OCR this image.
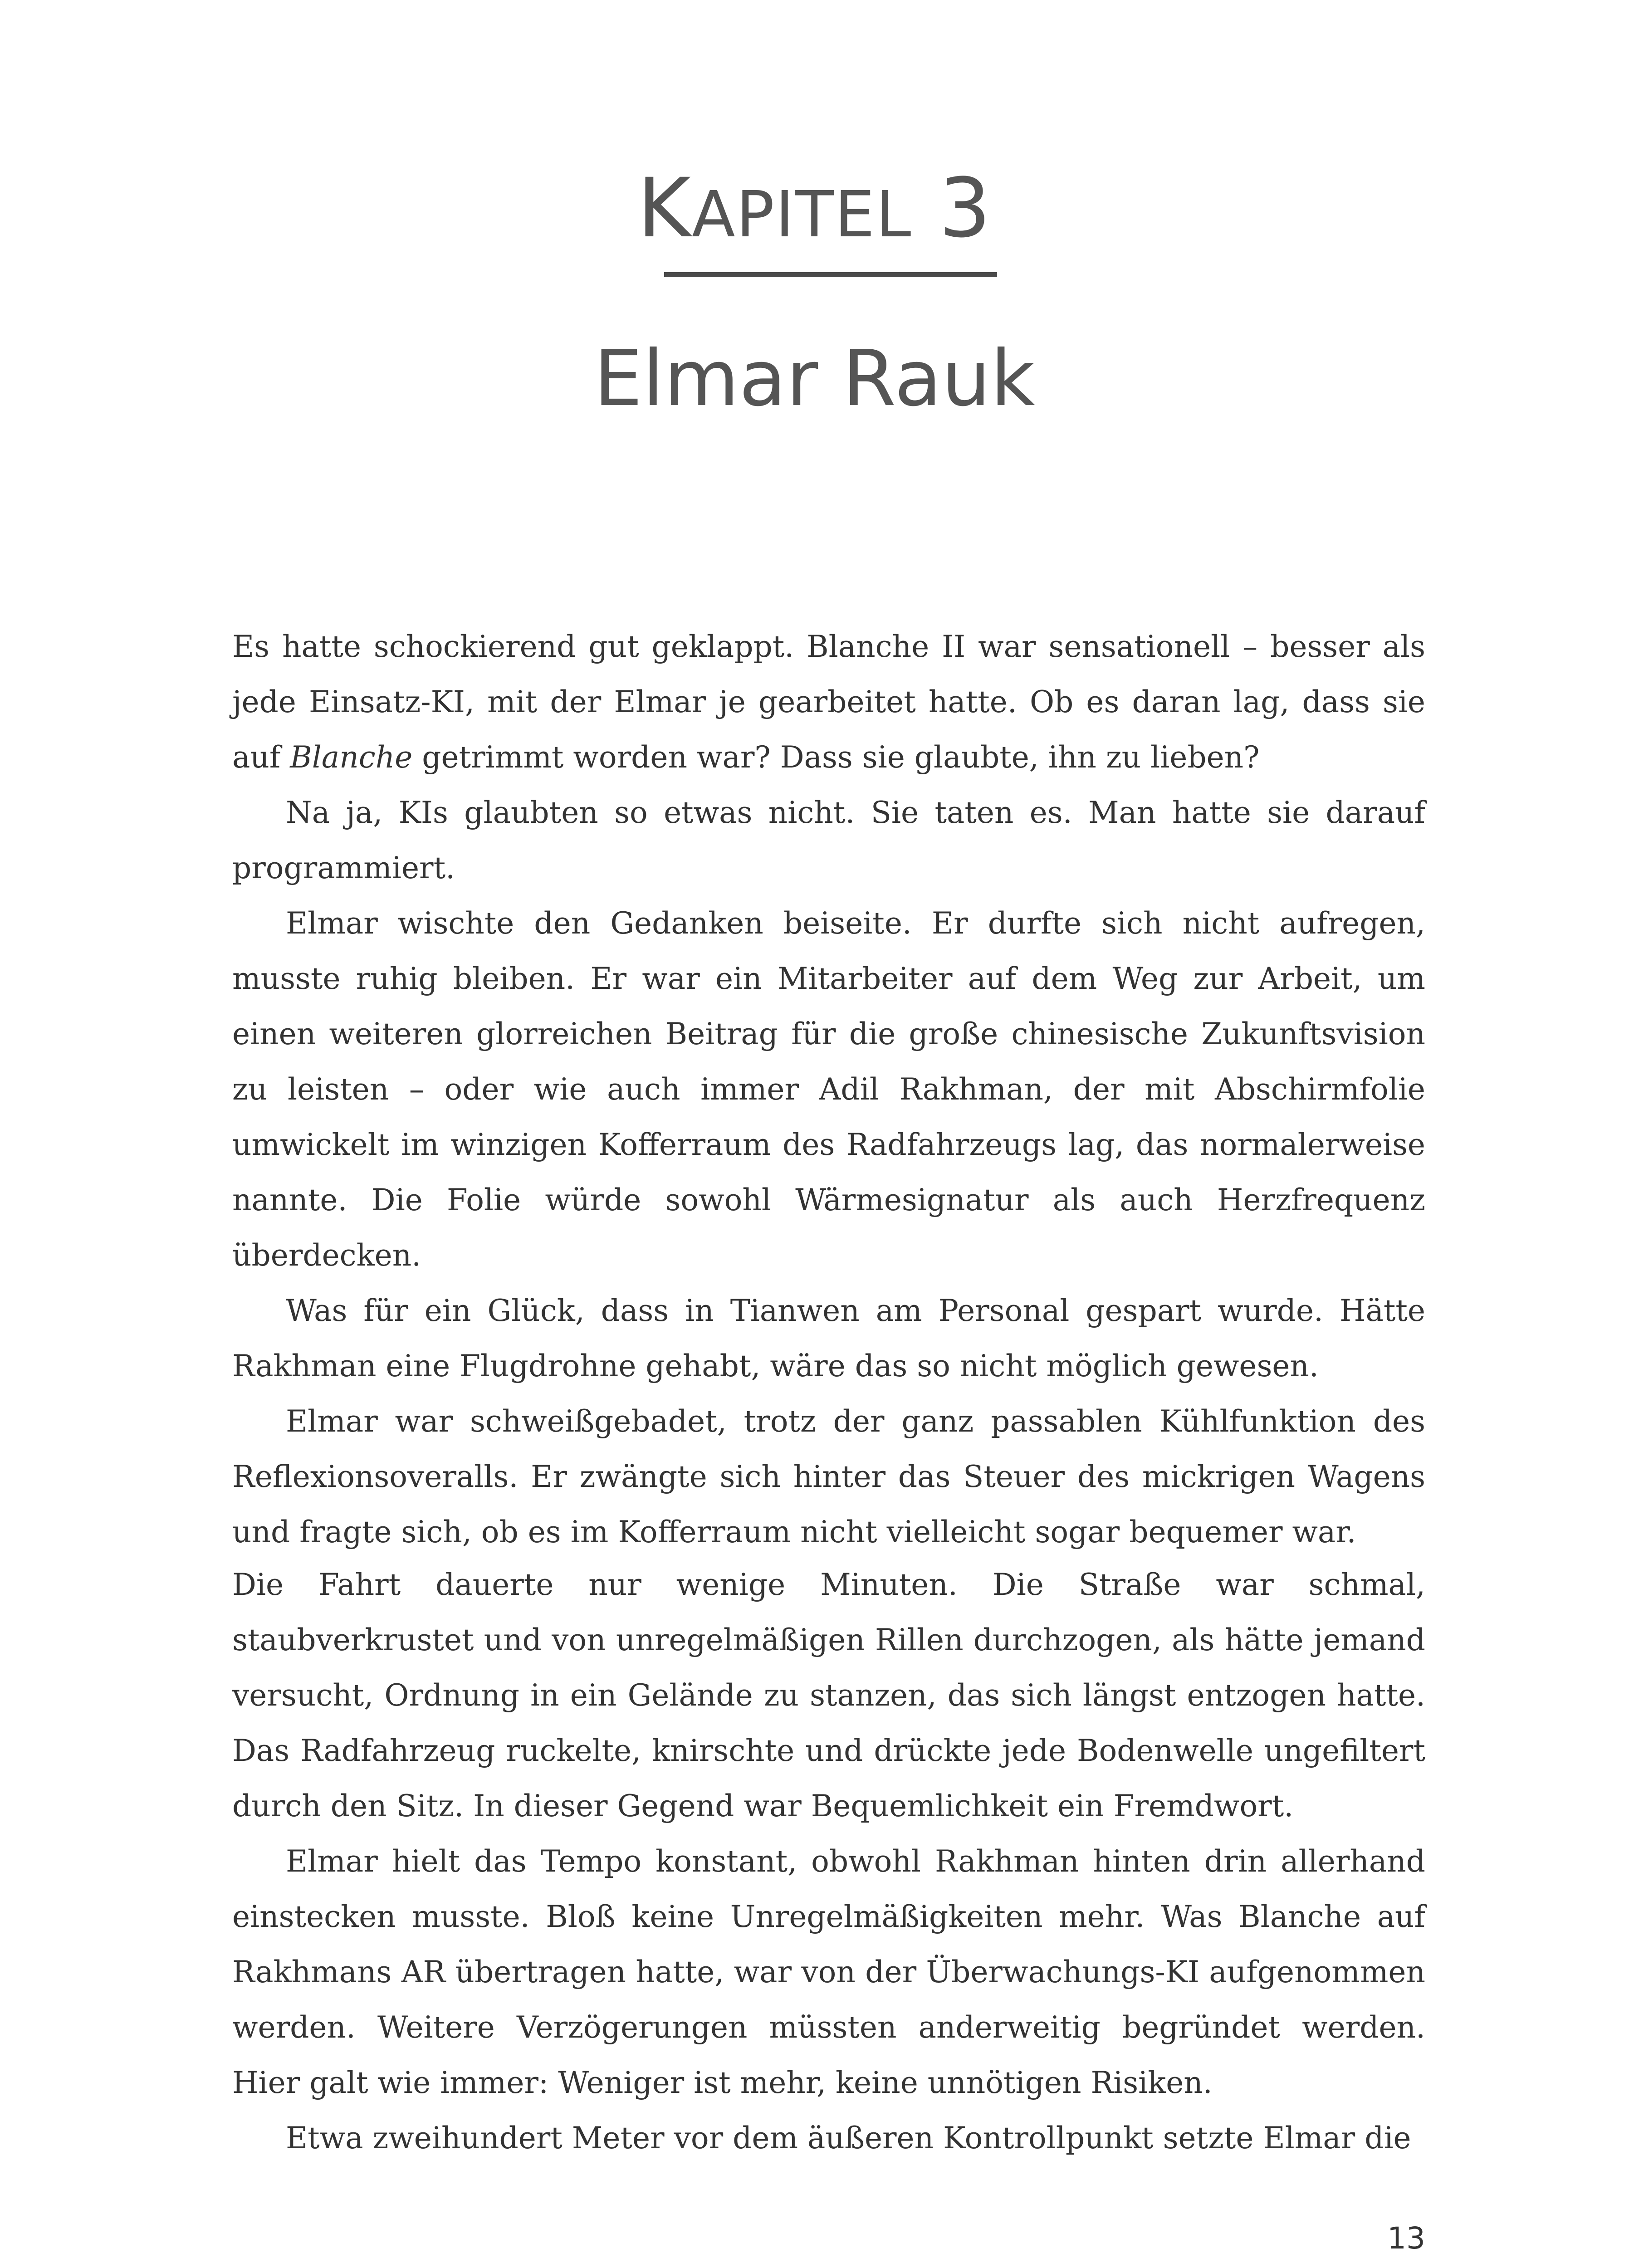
KAPITEL 3
Elmar Rauk

Es hatte schockierend gut geklappt. Blanche II war sensationell – besser als jede Einsatz-KI, mit der Elmar je gearbeitet hatte. Ob es daran lag, dass sie auf Blanche getrimmt worden war? Dass sie glaubte, ihn zu lieben?

Na ja, KIs glaubten so etwas nicht. Sie taten es. Man hatte sie darauf programmiert.

Elmar wischte den Gedanken beiseite. Er durfte sich nicht aufregen, musste ruhig bleiben. Er war ein Mitarbeiter auf dem Weg zur Arbeit, um einen weiteren glorreichen Beitrag für die große chinesische Zukunftsvision zu leisten – oder wie auch immer Adil Rakhman, der mit Abschirmfolie umwickelt im winzigen Kofferraum des Radfahrzeugs lag, das normalerweise nannte. Die Folie würde sowohl Wärmesignatur als auch Herzfrequenz überdecken.

Was für ein Glück, dass in Tianwen am Personal gespart wurde. Hätte Rakhman eine Flugdrohne gehabt, wäre das so nicht möglich gewesen.

Elmar war schweißgebadet, trotz der ganz passablen Kühlfunktion des Reflexionsoveralls. Er zwängte sich hinter das Steuer des mickrigen Wagens und fragte sich, ob es im Kofferraum nicht vielleicht sogar bequemer war.

Die Fahrt dauerte nur wenige Minuten. Die Straße war schmal, staubverkrustet und von unregelmäßigen Rillen durchzogen, als hätte jemand versucht, Ordnung in ein Gelände zu stanzen, das sich längst entzogen hatte. Das Radfahrzeug ruckelte, knirschte und drückte jede Bodenwelle ungefiltert durch den Sitz. In dieser Gegend war Bequemlichkeit ein Fremdwort.

Elmar hielt das Tempo konstant, obwohl Rakhman hinten drin allerhand einstecken musste. Bloß keine Unregelmäßigkeiten mehr. Was Blanche auf Rakhmans AR übertragen hatte, war von der Überwachungs-KI aufgenommen werden. Weitere Verzögerungen müssten anderweitig begründet werden. Hier galt wie immer: Weniger ist mehr, keine unnötigen Risiken.

Etwa zweihundert Meter vor dem äußeren Kontrollpunkt setzte Elmar die

13
